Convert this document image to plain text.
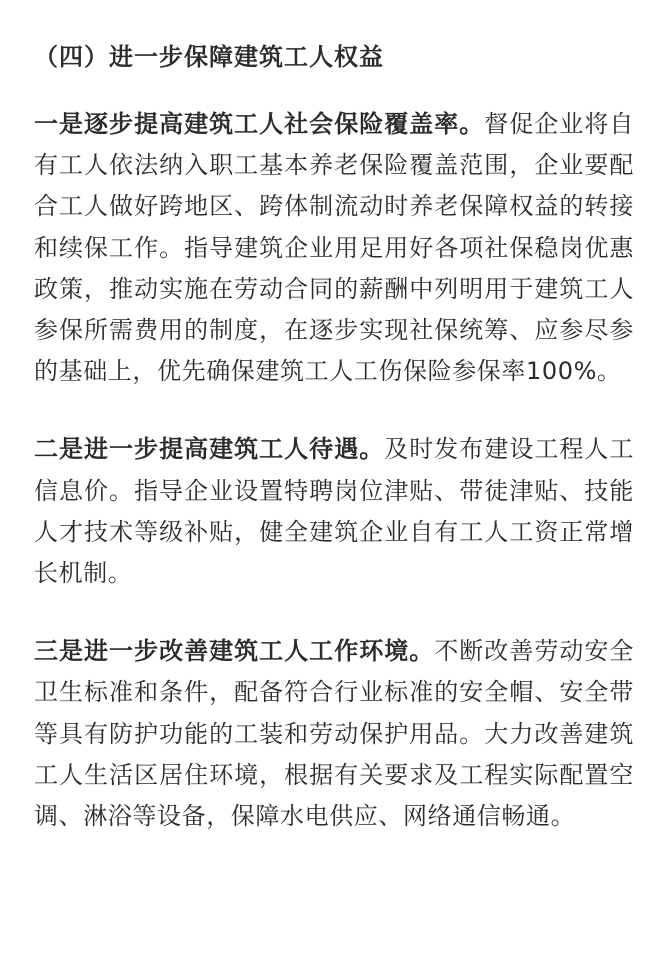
（四）进一步保障建筑工人权益

一是逐步提高建筑工人社会保险覆盖率。督促企业将自有工人依法纳入职工基本养老保险覆盖范围，企业要配合工人做好跨地区、跨体制流动时养老保障权益的转接和续保工作。指导建筑企业用足用好各项社保稳岗优惠政策，推动实施在劳动合同的薪酬中列明用于建筑工人参保所需费用的制度，在逐步实现社保统筹、应参尽参的基础上，优先确保建筑工人工伤保险参保率100%。

二是进一步提高建筑工人待遇。及时发布建设工程人工信息价。指导企业设置特聘岗位津贴、带徒津贴、技能人才技术等级补贴，健全建筑企业自有工人工资正常增长机制。

三是进一步改善建筑工人工作环境。不断改善劳动安全卫生标准和条件，配备符合行业标准的安全帽、安全带等具有防护功能的工装和劳动保护用品。大力改善建筑工人生活区居住环境，根据有关要求及工程实际配置空调、淋浴等设备，保障水电供应、网络通信畅通。
